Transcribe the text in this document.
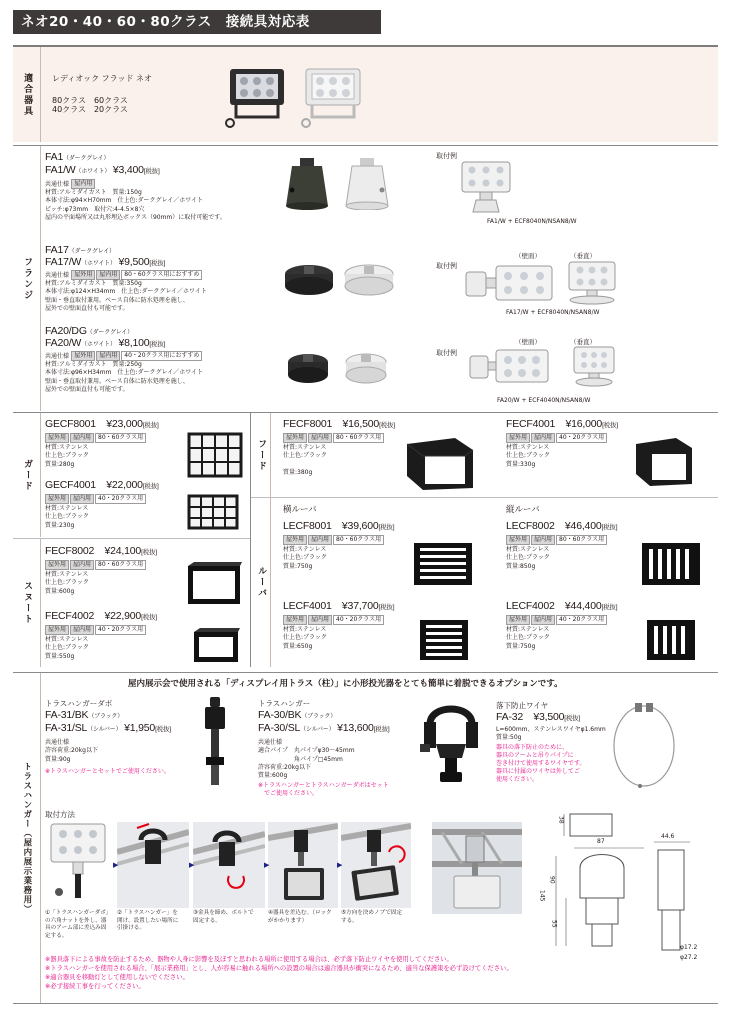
ネオ20・40・60・80クラス　接続具対応表
適合器具	レディオック フラッド ネオ
80クラス　60クラス
40クラス　20クラス
フランジ
FA1（ダークグレイ）
FA1/W（ホワイト） ¥3,400[税抜]
共通仕様 屋内用
材質:アルミダイカスト　質量:150g
本体寸法:φ94×H70mm　仕上色:ダークグレイ／ホワイト
ピッチ:φ73mm　取付穴:4-4.5×8穴
屋内の平面場所又は丸形埋込ボックス（90mm）に取付可能です。
取付例
FA1/W + ECF8040N/NSAN8/W
FA17（ダークグレイ）
FA17/W（ホワイト） ¥9,500[税抜]
共通仕様 屋外用 屋内用 80・60クラス用におすすめ
材質:アルミダイカスト　質量:350g
本体寸法:φ124×H34mm　仕上色:ダークグレイ／ホワイト
壁面・垂直取付兼用。ベース自体に防水処理を施し、
屋外での壁面直付も可能です。
取付例
（壁面）	（垂直）
FA17/W + ECF8040N/NSAN8/W
FA20/DG（ダークグレイ）
FA20/W（ホワイト） ¥8,100[税抜]
共通仕様 屋外用 屋内用 40・20クラス用におすすめ
材質:アルミダイカスト　質量:250g
本体寸法:φ96×H34mm　仕上色:ダークグレイ／ホワイト
壁面・垂直取付兼用。ベース自体に防水処理を施し、
屋外での壁面直付も可能です。
取付例
（壁面）	（垂直）
FA20/W + ECF4040N/NSAN8/W
ガード
スヌート
フード
ルーバ
GECF8001　 ¥23,000[税抜]
屋外用 屋内用 80・60クラス用
材質:ステンレス
仕上色:ブラック
質量:280g
GECF4001　 ¥22,000[税抜]
屋外用 屋内用 40・20クラス用
材質:ステンレス
仕上色:ブラック
質量:230g
FECF8002　 ¥24,100[税抜]
屋外用 屋内用 80・60クラス用
材質:ステンレス
仕上色:ブラック
質量:600g
FECF4002　 ¥22,900[税抜]
屋外用 屋内用 40・20クラス用
材質:ステンレス
仕上色:ブラック
質量:550g
FECF8001　 ¥16,500[税抜]
屋外用 屋内用 80・60クラス用
材質:ステンレス
仕上色:ブラック
質量:380g
FECF4001　 ¥16,000[税抜]
屋外用 屋内用 40・20クラス用
材質:ステンレス
仕上色:ブラック
質量:330g
横ルーバ	縦ルーバ
LECF8001　 ¥39,600[税抜]
屋外用 屋内用 80・60クラス用
材質:ステンレス
仕上色:ブラック
質量:750g
LECF8002　 ¥46,400[税抜]
屋外用 屋内用 80・60クラス用
材質:ステンレス
仕上色:ブラック
質量:850g
LECF4001　 ¥37,700[税抜]
屋外用 屋内用 40・20クラス用
材質:ステンレス
仕上色:ブラック
質量:650g
LECF4002　 ¥44,400[税抜]
屋外用 屋内用 40・20クラス用
材質:ステンレス
仕上色:ブラック
質量:750g
トラスハンガー（屋内展示業務用）
屋内展示会で使用される「ディスプレイ用トラス（柱）」に小形投光器をとても簡単に着脱できるオプションです。
トラスハンガーダボ
FA-31/BK（ブラック）
FA-31/SL（シルバー） ¥1,950[税抜]
共通仕様
許容荷重:20kg以下
質量:90g
※トラスハンガーとセットでご使用ください。
トラスハンガー
FA-30/BK（ブラック）
FA-30/SL（シルバー） ¥13,600[税抜]
共通仕様
適合パイプ　丸パイプφ30～45mm
　　　　　　角パイプ□45mm
許容荷重:20kg以下
質量:600g
※トラスハンガーとトラスハンガーダボはセット
　でご使用ください。
落下防止ワイヤ
FA-32　 ¥3,500[税抜]
L=600mm、ステンレスワイヤφ1.6mm
質量:50g
器具の落下防止のために、
器具のアームと吊りパイプに
巻き付けて使用するワイヤです。
器具に付属のワイヤは外してご
使用ください。
取付方法
▶	▶	▶	▶
①「トラスハンガーダボ」
の六角ナットを外し、器
具のアーム部に差込み固
定する。
②「トラスハンガー」を
開け、設置したい場所に
引掛ける。
③金具を締め、ボルトで
固定する。
④器具を差込む。（ロック
がかかります）
⑤方向を決めノブで固定
する。
38
87
44.6
90
145
55
φ17.2
φ27.2
※器具落下による事故を防止するため、器物や人身に影響を及ぼすと思われる場所に使用する場合は、必ず落下防止ワイヤを使用してください。
※トラスハンガーを使用される場合、「展示業務用」とし、人が容易に触れる場所への設置の場合は適合器具が衝突になるため、適当な保護策を必ず設けてください。
※適合器具を移動灯として使用しないでください。
※必ず接続工事を行ってください。
